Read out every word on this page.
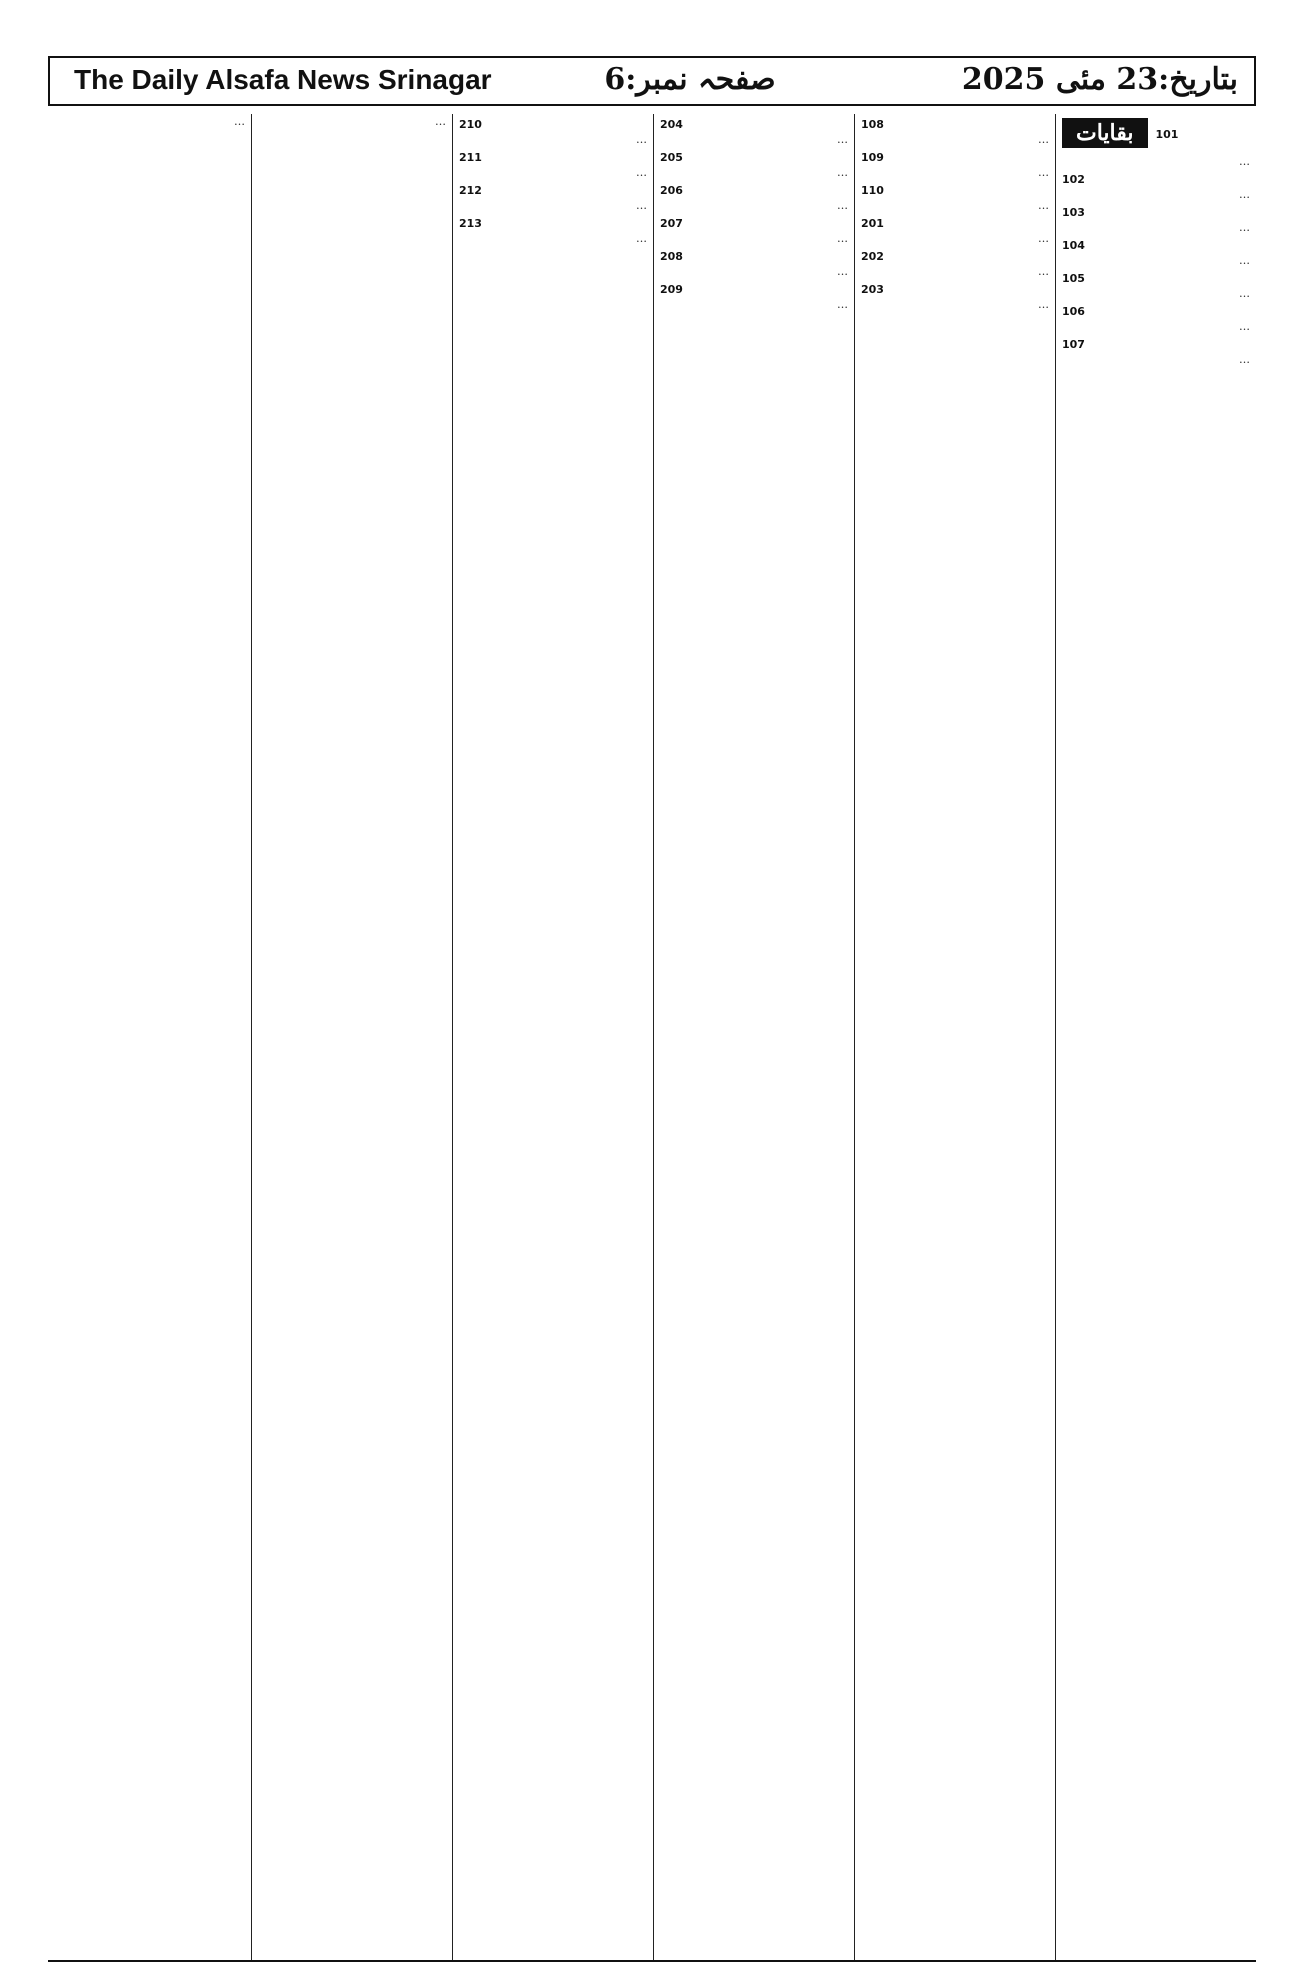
The Daily Alsafa News Srinagar	صفحہ نمبر:6	بتاریخ:23 مئی 2025
101
بقایات
…
102
…
103
…
104
…
105
…
106
…
107
…
108
…
109
…
110
…
201
…
202
…
203
…
204
…
205
…
206
…
207
…
208
…
209
…
210
…
211
…
212
…
213
…
…
…
